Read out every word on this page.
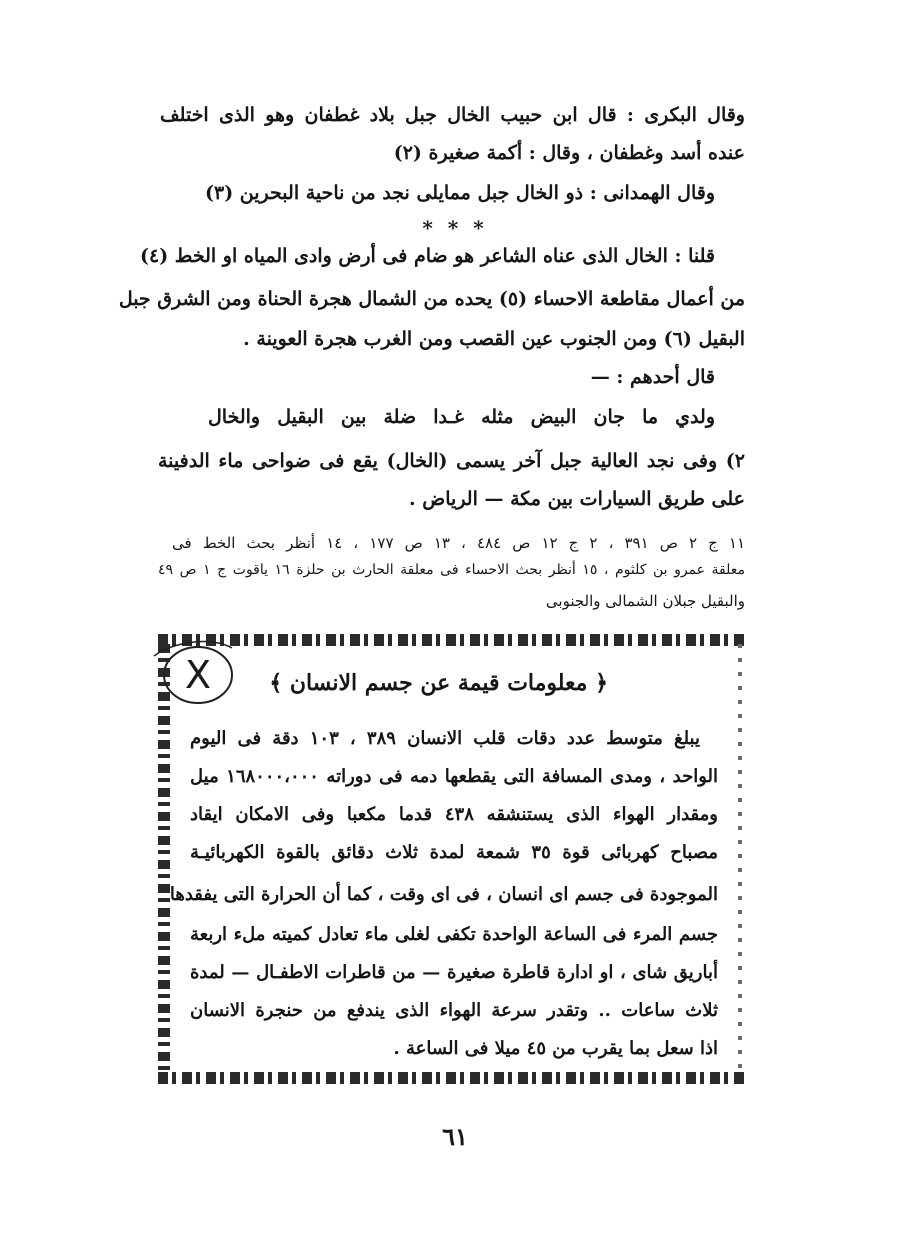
وقال البكرى : قال ابن حبيب الخال جبل بلاد غطفان وهو الذى اختلف
عنده أسد وغطفان ، وقال : أكمة صغيرة (٢)
وقال الهمدانى : ذو الخال جبل ممايلى نجد من ناحية البحرين (٣)
* * *
قلنا : الخال الذى عناه الشاعر هو ضام فى أرض وادى المياه او الخط (٤)
من أعمال مقاطعة الاحساء (٥) يحده من الشمال هجرة الحناة ومن الشرق جبل
البقيل (٦) ومن الجنوب عين القصب ومن الغرب هجرة العوينة .
قال أحدهم : —
ولدي ما جان البيض مثله غـدا ضلة بين البقيل والخال
٢) وفى نجد العالية جبل آخر يسمى (الخال) يقع فى ضواحى ماء الدفينة
على طريق السيارات بين مكة — الرياض .
١١ ج ٢ ص ٣٩١ ، ٢ ج ١٢ ص ٤٨٤ ، ١٣ ص ١٧٧ ، ١٤ أنظر بحث الخط فى
معلقة عمرو بن كلثوم ، ١٥ أنظر بحث الاحساء فى معلقة الحارث بن حلزة ١٦ ياقوت ج ١ ص ٤٩
والبقيل جبلان الشمالى والجنوبى
X	﴿ معلومات قيمة عن جسم الانسان ﴾
يبلغ متوسط عدد دقات قلب الانسان ٣٨٩ ، ١٠٣ دقة فى اليوم
الواحد ، ومدى المسافة التى يقطعها دمه فى دوراته ١٦٨٠٠٠،٠٠٠ ميل
ومقدار الهواء الذى يستنشقه ٤٣٨ قدما مكعبا وفى الامكان ايقاد
مصباح كهربائى قوة ٣٥ شمعة لمدة ثلاث دقائق بالقوة الكهربائيـة
الموجودة فى جسم اى انسان ، فى اى وقت ، كما أن الحرارة التى يفقدها
جسم المرء فى الساعة الواحدة تكفى لغلى ماء تعادل كميته ملء اربعة
أباريق شاى ، او ادارة قاطرة صغيرة — من قاطرات الاطفـال — لمدة
ثلاث ساعات .. وتقدر سرعة الهواء الذى يندفع من حنجرة الانسان
اذا سعل بما يقرب من ٤٥ ميلا فى الساعة .
٦١
